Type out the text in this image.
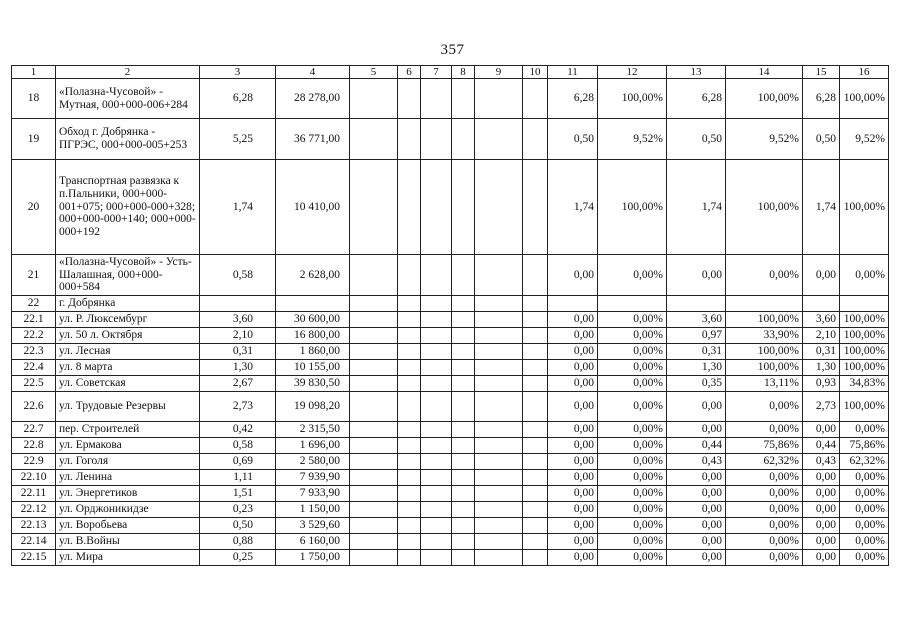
357
1	2	3	4	5	6	7	8	9	10	11	12	13	14	15	16
18	«Полазна-Чусовой» - Мутная, 000+000-006+284	6,28	28 278,00							6,28	100,00%	6,28	100,00%	6,28	100,00%
19	Обход г. Добрянка - ПГРЭС, 000+000-005+253	5,25	36 771,00							0,50	9,52%	0,50	9,52%	0,50	9,52%
20	Транспортная развязка к п.Пальники, 000+000-001+075; 000+000-000+328; 000+000-000+140; 000+000-000+192	1,74	10 410,00							1,74	100,00%	1,74	100,00%	1,74	100,00%
21	«Полазна-Чусовой» - Усть-Шалашная, 000+000-000+584	0,58	2 628,00							0,00	0,00%	0,00	0,00%	0,00	0,00%
22	г. Добрянка														
22.1	ул. Р. Люксембург	3,60	30 600,00							0,00	0,00%	3,60	100,00%	3,60	100,00%
22.2	ул. 50 л. Октября	2,10	16 800,00							0,00	0,00%	0,97	33,90%	2,10	100,00%
22.3	ул. Лесная	0,31	1 860,00							0,00	0,00%	0,31	100,00%	0,31	100,00%
22.4	ул. 8 марта	1,30	10 155,00							0,00	0,00%	1,30	100,00%	1,30	100,00%
22.5	ул. Советская	2,67	39 830,50							0,00	0,00%	0,35	13,11%	0,93	34,83%
22.6	ул. Трудовые Резервы	2,73	19 098,20							0,00	0,00%	0,00	0,00%	2,73	100,00%
22.7	пер. Строителей	0,42	2 315,50							0,00	0,00%	0,00	0,00%	0,00	0,00%
22.8	ул. Ермакова	0,58	1 696,00							0,00	0,00%	0,44	75,86%	0,44	75,86%
22.9	ул. Гоголя	0,69	2 580,00							0,00	0,00%	0,43	62,32%	0,43	62,32%
22.10	ул. Ленина	1,11	7 939,90							0,00	0,00%	0,00	0,00%	0,00	0,00%
22.11	ул. Энергетиков	1,51	7 933,90							0,00	0,00%	0,00	0,00%	0,00	0,00%
22.12	ул. Орджоникидзе	0,23	1 150,00							0,00	0,00%	0,00	0,00%	0,00	0,00%
22.13	ул. Воробьева	0,50	3 529,60							0,00	0,00%	0,00	0,00%	0,00	0,00%
22.14	ул. В.Войны	0,88	6 160,00							0,00	0,00%	0,00	0,00%	0,00	0,00%
22.15	ул. Мира	0,25	1 750,00							0,00	0,00%	0,00	0,00%	0,00	0,00%
